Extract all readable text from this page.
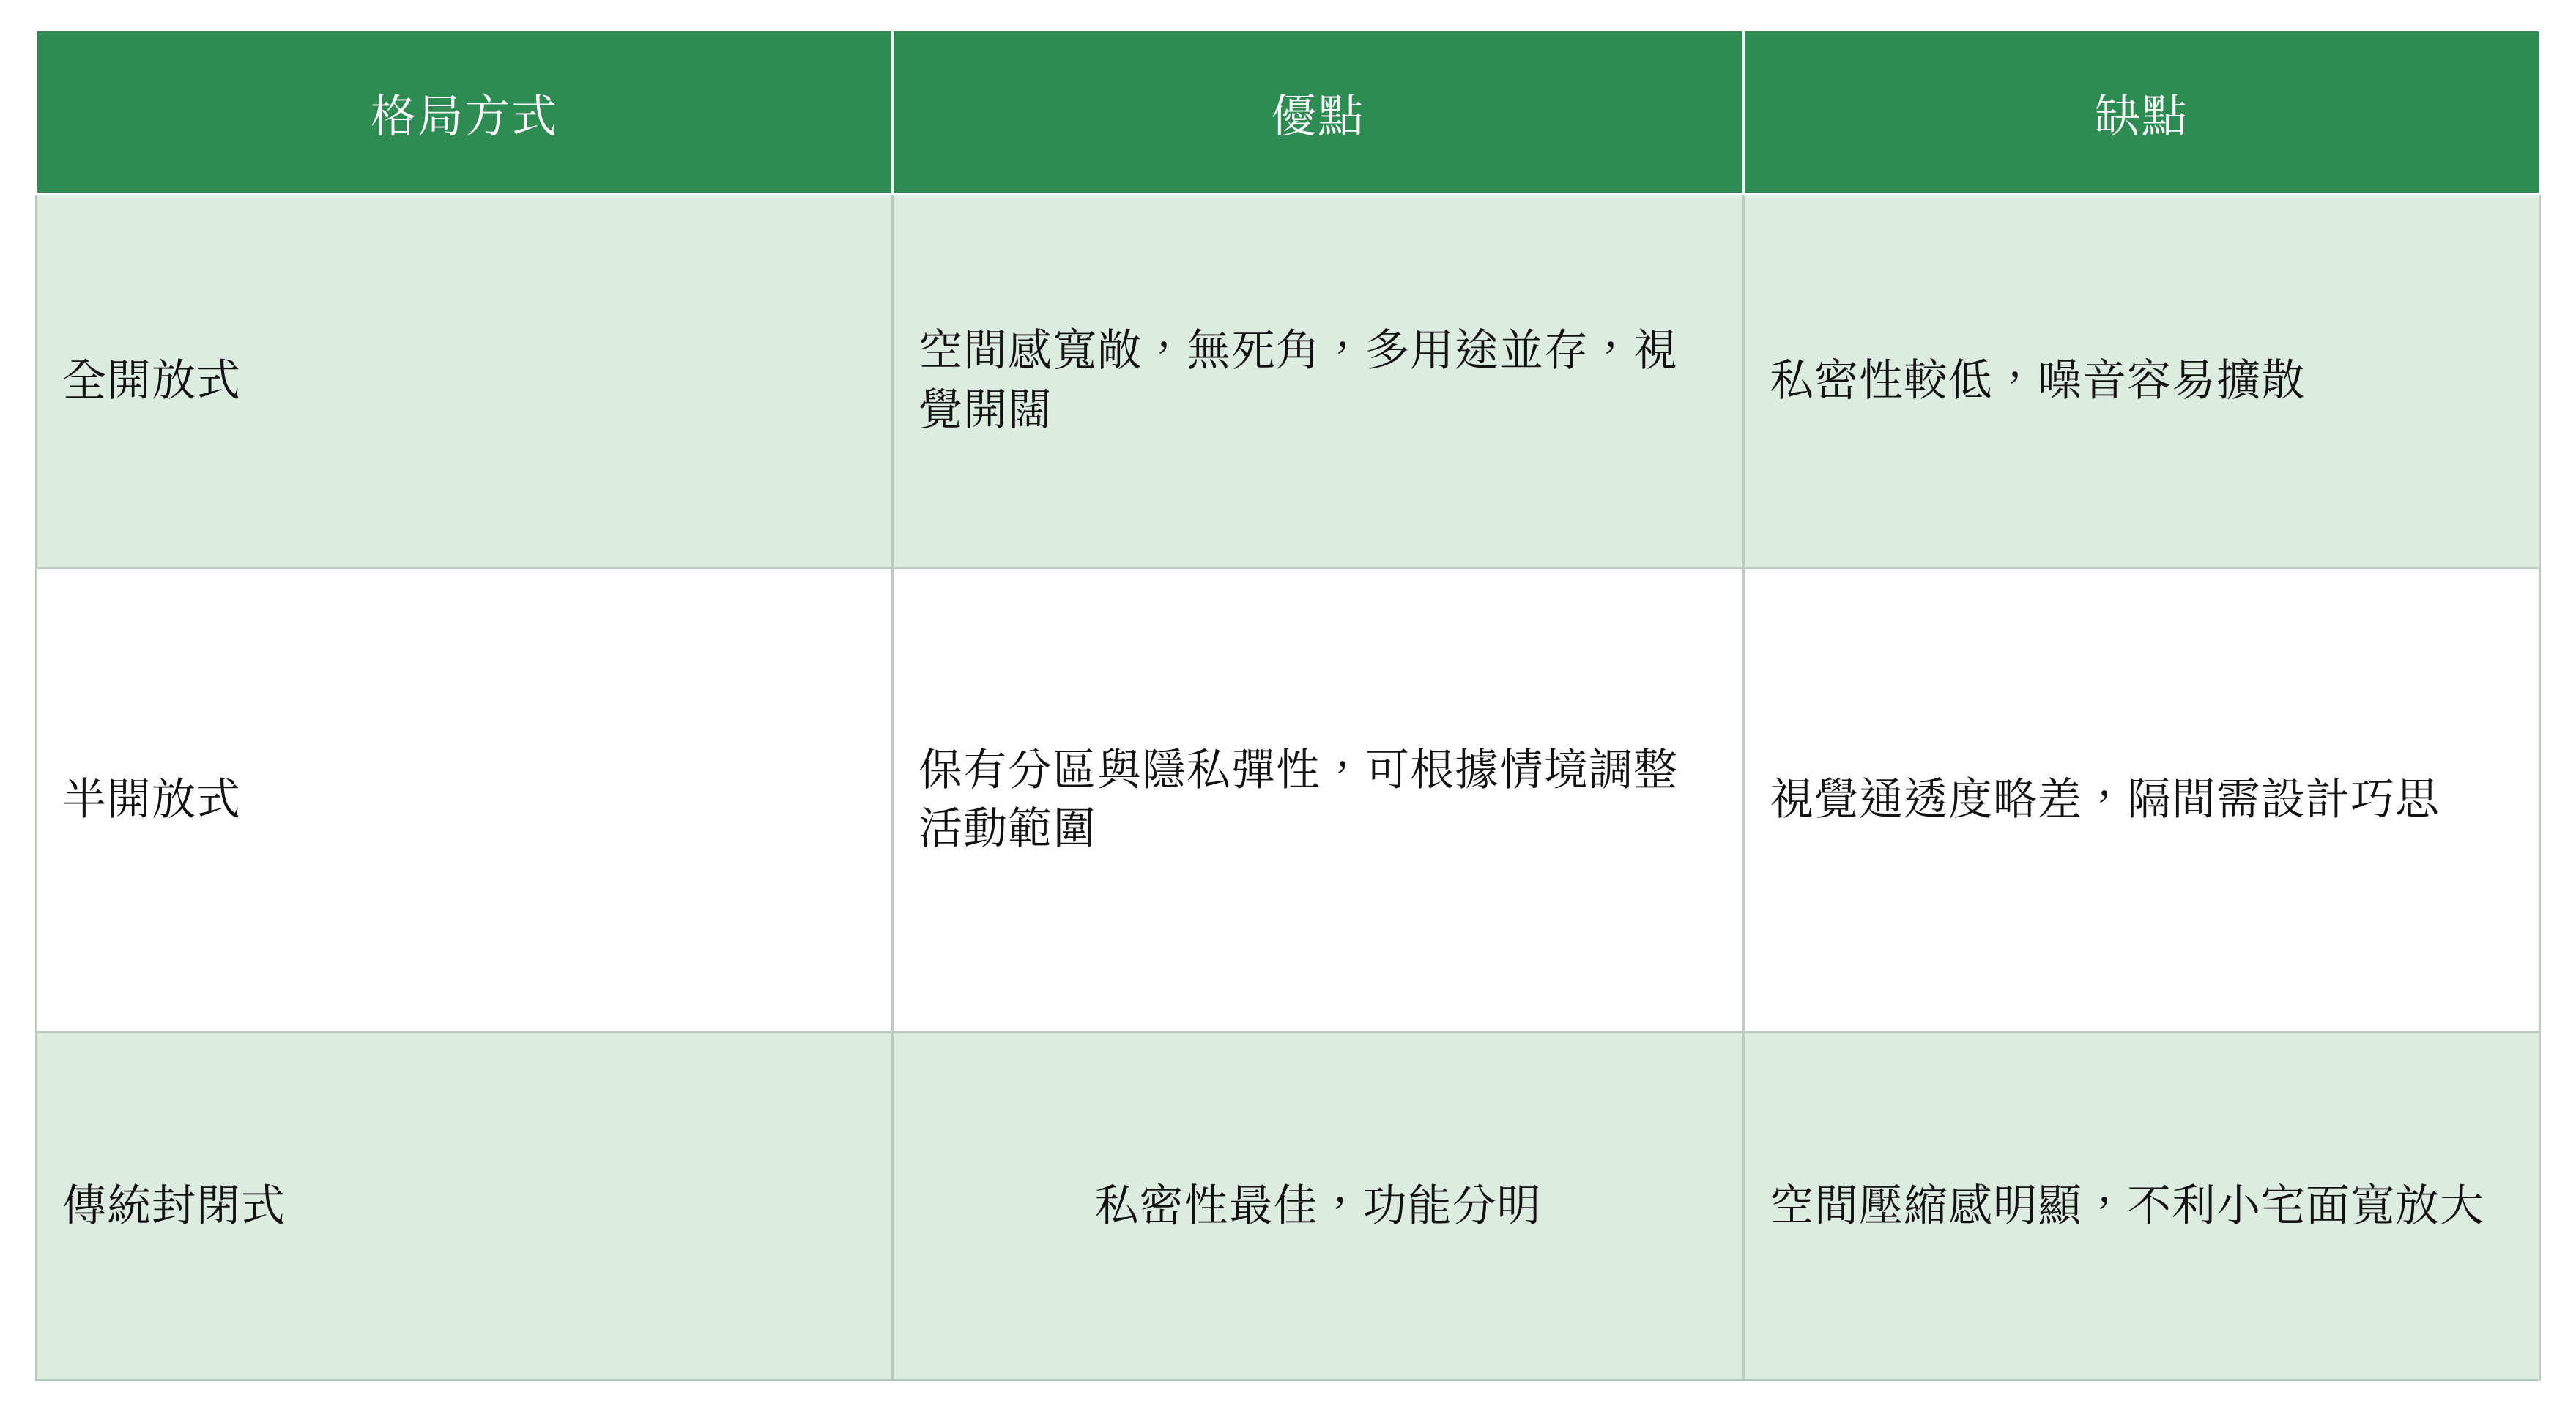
格局方式	優點	缺點
全開放式	空間感寬敞，無死角，多用途並存，視覺開闊	私密性較低，噪音容易擴散
半開放式	保有分區與隱私彈性，可根據情境調整活動範圍	視覺通透度略差，隔間需設計巧思
傳統封閉式	私密性最佳，功能分明	空間壓縮感明顯，不利小宅面寬放大
